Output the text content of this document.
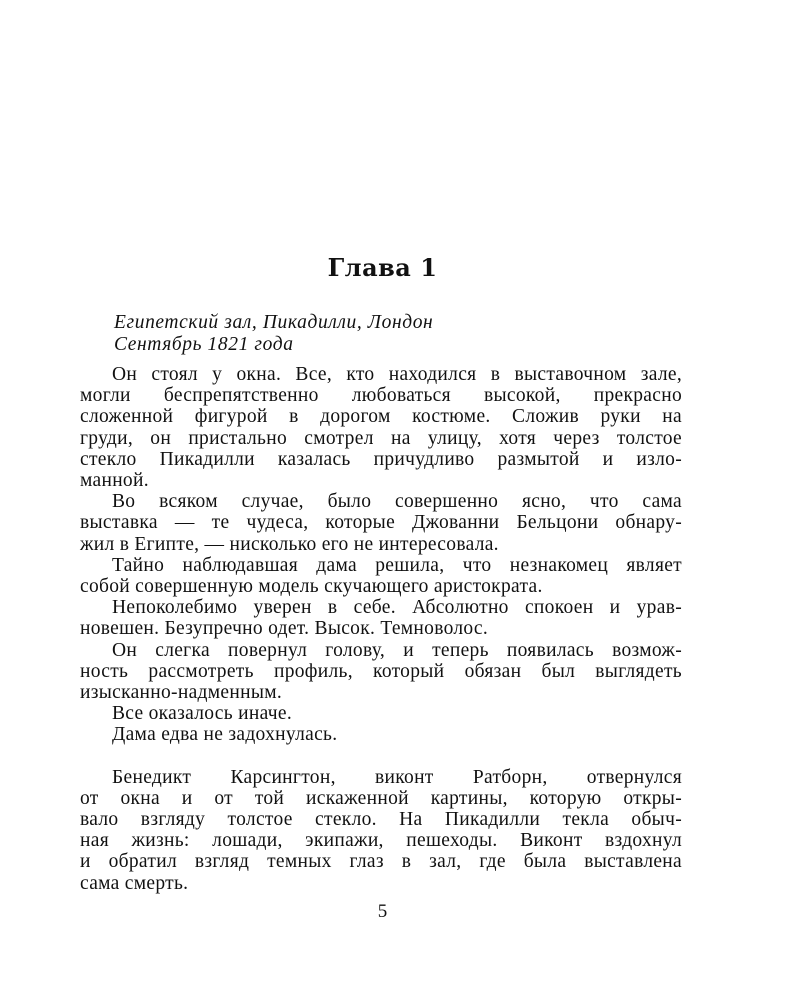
Глава 1
Египетский зал, Пикадилли, Лондон
Сентябрь 1821 года
Он стоял у окна. Все, кто находился в выставочном зале,
могли беспрепятственно любоваться высокой, прекрасно
сложенной фигурой в дорогом костюме. Сложив руки на
груди, он пристально смотрел на улицу, хотя через толстое
стекло Пикадилли казалась причудливо размытой и изло-
манной.
Во всяком случае, было совершенно ясно, что сама
выставка — те чудеса, которые Джованни Бельцони обнару-
жил в Египте, — нисколько его не интересовала.
Тайно наблюдавшая дама решила, что незнакомец являет
собой совершенную модель скучающего аристократа.
Непоколебимо уверен в себе. Абсолютно спокоен и урав-
новешен. Безупречно одет. Высок. Темноволос.
Он слегка повернул голову, и теперь появилась возмож-
ность рассмотреть профиль, который обязан был выглядеть
изысканно-надменным.
Все оказалось иначе.
Дама едва не задохнулась.
Бенедикт Карсингтон, виконт Ратборн, отвернулся
от окна и от той искаженной картины, которую откры-
вало взгляду толстое стекло. На Пикадилли текла обыч-
ная жизнь: лошади, экипажи, пешеходы. Виконт вздохнул
и обратил взгляд темных глаз в зал, где была выставлена
сама смерть.
5
